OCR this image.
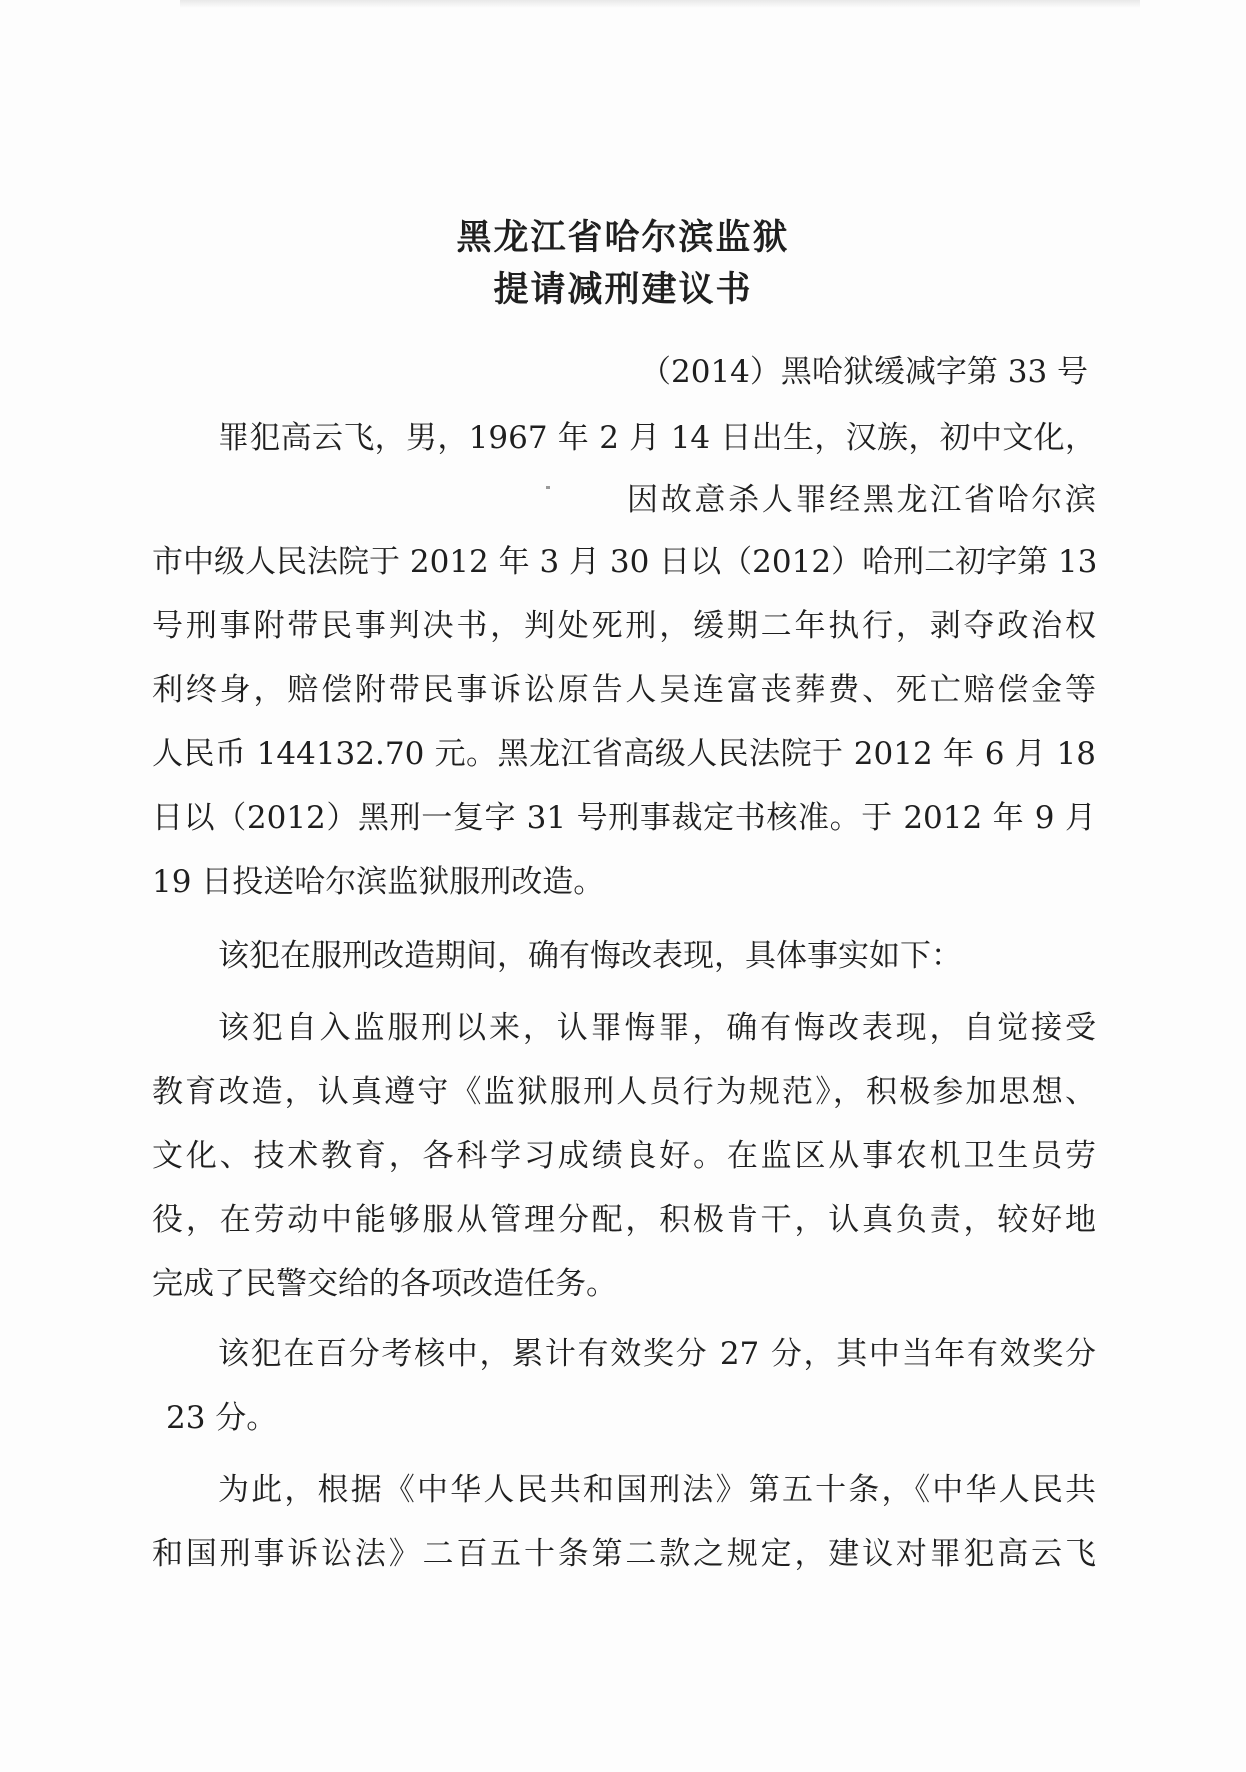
黑龙江省哈尔滨监狱
提请减刑建议书
（2014）黑哈狱缓减字第 33 号
罪犯高云飞，男，1967 年 2 月 14 日出生，汉族，初中文化，
因故意杀人罪经黑龙江省哈尔滨
市中级人民法院于 2012 年 3 月 30 日以（2012）哈刑二初字第 13
号刑事附带民事判决书，判处死刑，缓期二年执行，剥夺政治权
利终身，赔偿附带民事诉讼原告人吴连富丧葬费、死亡赔偿金等
人民币 144132.70 元。黑龙江省高级人民法院于 2012 年 6 月 18
日以（2012）黑刑一复字 31 号刑事裁定书核准。于 2012 年 9 月
19 日投送哈尔滨监狱服刑改造。
该犯在服刑改造期间，确有悔改表现，具体事实如下：
该犯自入监服刑以来，认罪悔罪，确有悔改表现，自觉接受
教育改造，认真遵守《监狱服刑人员行为规范》，积极参加思想、
文化、技术教育，各科学习成绩良好。在监区从事农机卫生员劳
役，在劳动中能够服从管理分配，积极肯干，认真负责，较好地
完成了民警交给的各项改造任务。
该犯在百分考核中，累计有效奖分 27 分，其中当年有效奖分
23 分。
为此，根据《中华人民共和国刑法》第五十条，《中华人民共
和国刑事诉讼法》二百五十条第二款之规定，建议对罪犯高云飞
